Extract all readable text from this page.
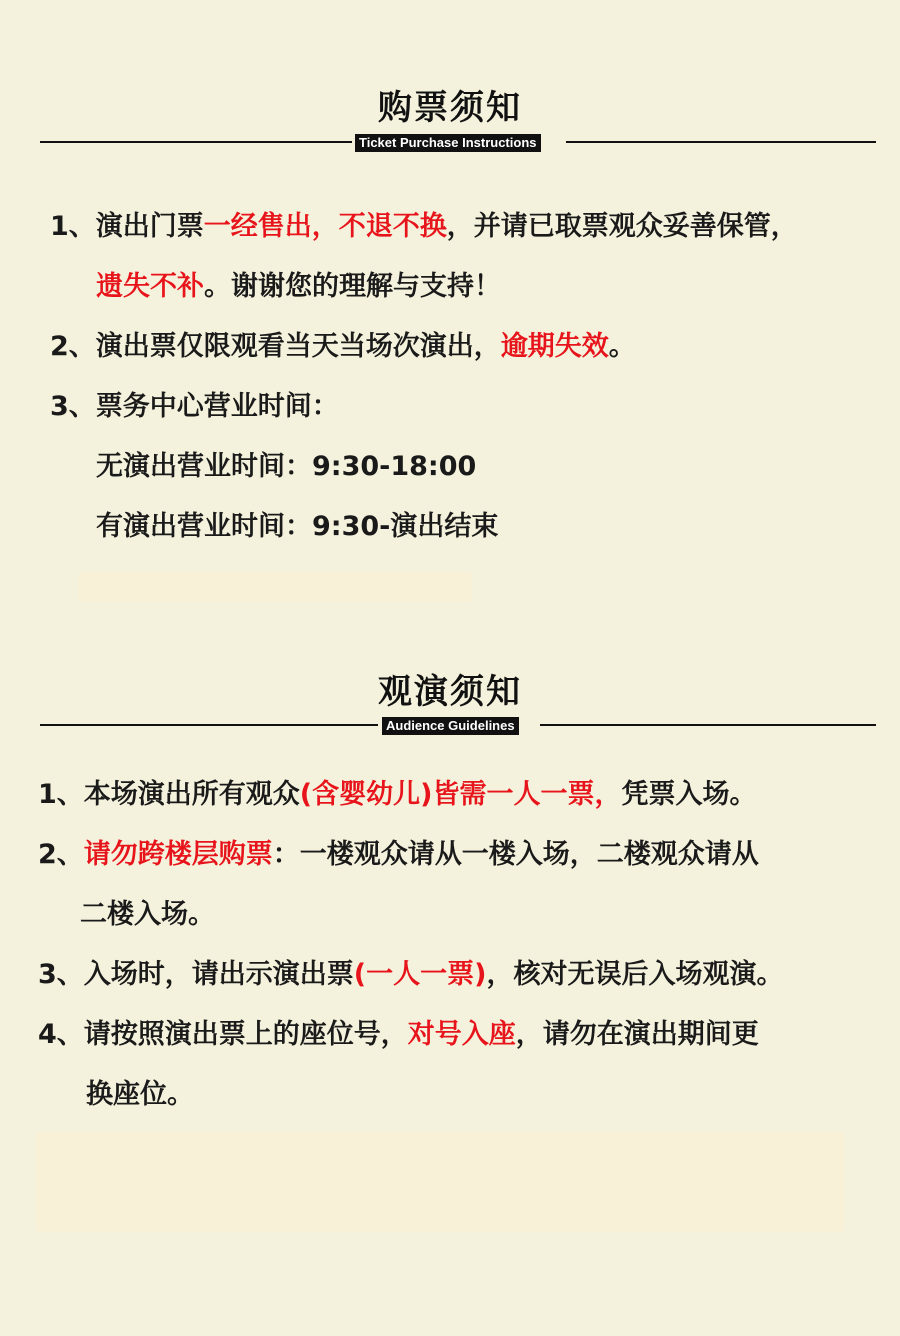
购票须知
Ticket Purchase Instructions
1、演出门票一经售出，不退不换，并请已取票观众妥善保管，
遗失不补。谢谢您的理解与支持！
2、演出票仅限观看当天当场次演出，逾期失效。
3、票务中心营业时间：
无演出营业时间：9:30-18:00
有演出营业时间：9:30-演出结束
观演须知
Audience Guidelines
1、本场演出所有观众(含婴幼儿)皆需一人一票，凭票入场。
2、请勿跨楼层购票：一楼观众请从一楼入场，二楼观众请从
二楼入场。
3、入场时，请出示演出票(一人一票)，核对无误后入场观演。
4、请按照演出票上的座位号，对号入座，请勿在演出期间更
换座位。
